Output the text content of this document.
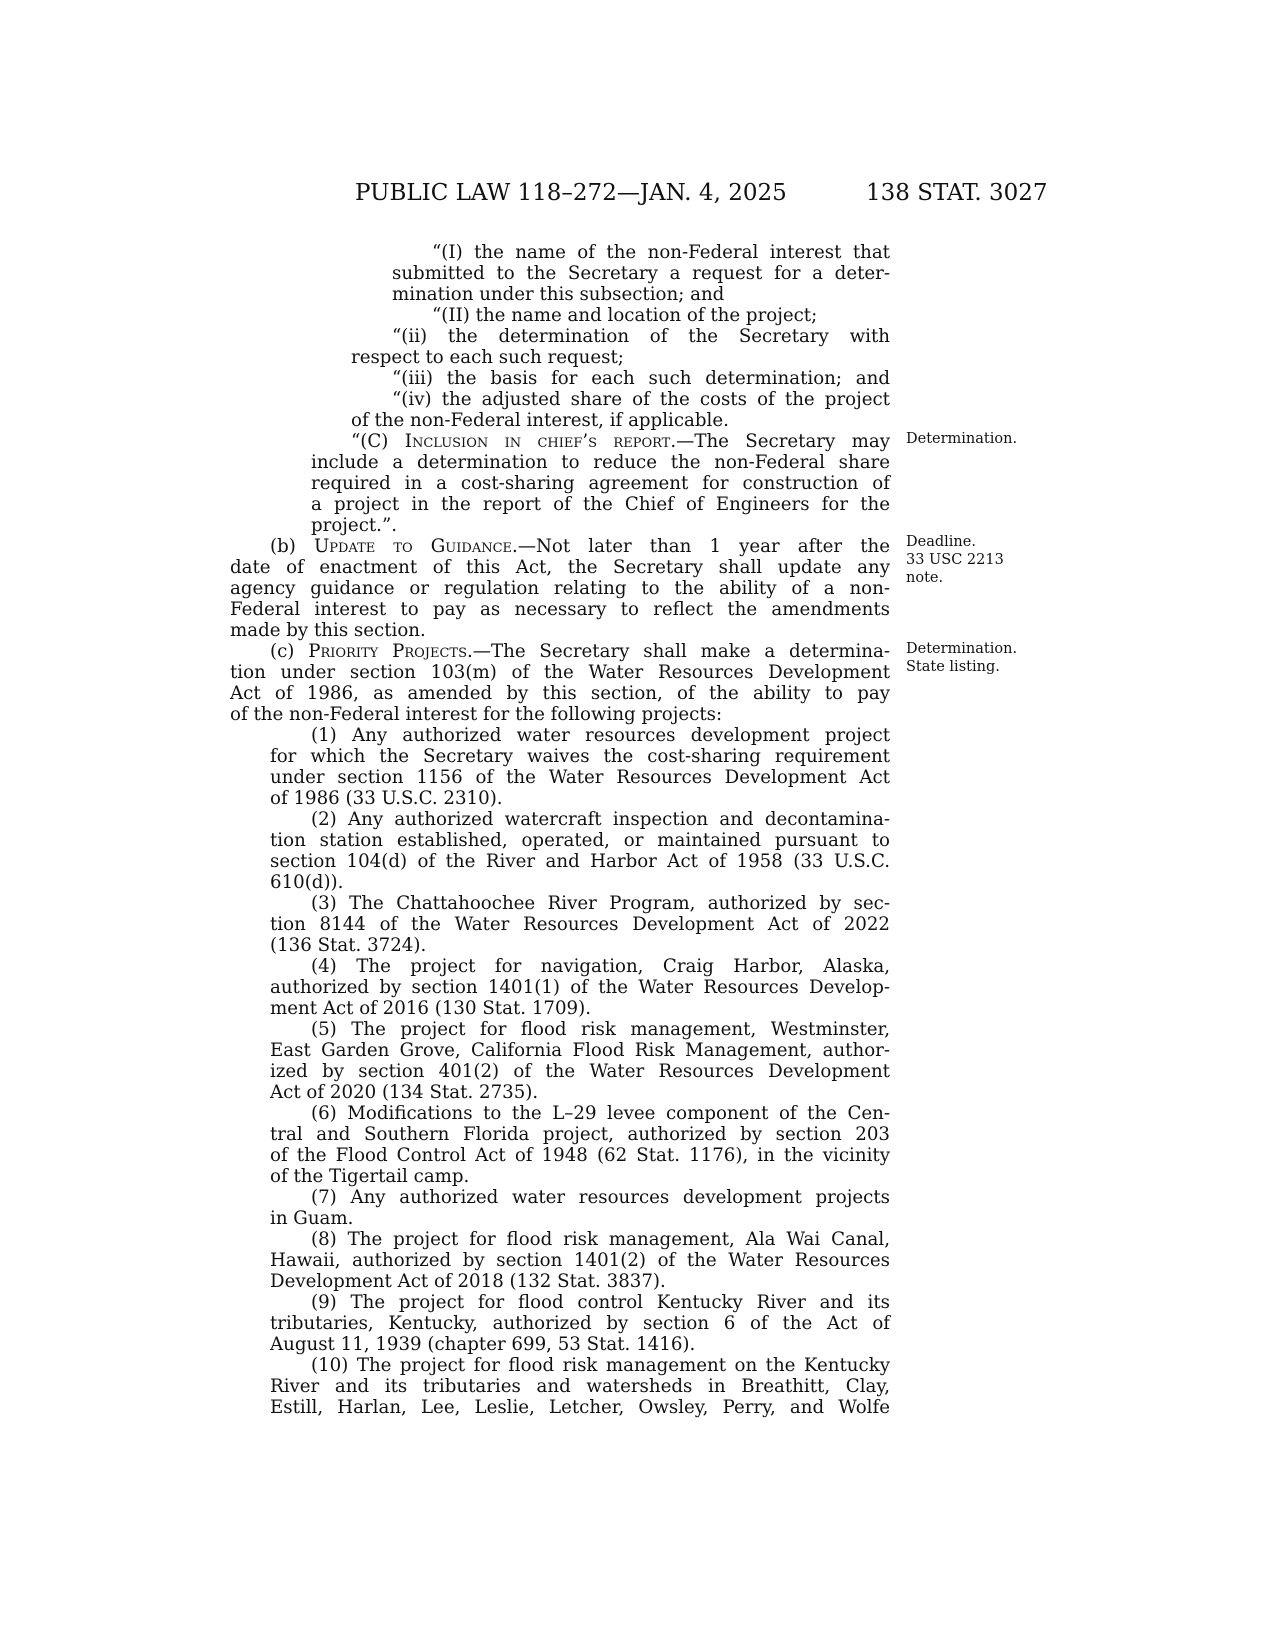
PUBLIC LAW 118–272—JAN. 4, 2025	138 STAT. 3027
“(I) the name of the non-Federal interest that
submitted to the Secretary a request for a deter-
mination under this subsection; and
“(II) the name and location of the project;
“(ii) the determination of the Secretary with
respect to each such request;
“(iii) the basis for each such determination; and
“(iv) the adjusted share of the costs of the project
of the non-Federal interest, if applicable.
“(C) Inclusion in chief’s report.—The Secretary may
include a determination to reduce the non-Federal share
required in a cost-sharing agreement for construction of
a project in the report of the Chief of Engineers for the
project.”.
(b) Update to Guidance.—Not later than 1 year after the
date of enactment of this Act, the Secretary shall update any
agency guidance or regulation relating to the ability of a non-
Federal interest to pay as necessary to reflect the amendments
made by this section.
(c) Priority Projects.—The Secretary shall make a determina-
tion under section 103(m) of the Water Resources Development
Act of 1986, as amended by this section, of the ability to pay
of the non-Federal interest for the following projects:
(1) Any authorized water resources development project
for which the Secretary waives the cost-sharing requirement
under section 1156 of the Water Resources Development Act
of 1986 (33 U.S.C. 2310).
(2) Any authorized watercraft inspection and decontamina-
tion station established, operated, or maintained pursuant to
section 104(d) of the River and Harbor Act of 1958 (33 U.S.C.
610(d)).
(3) The Chattahoochee River Program, authorized by sec-
tion 8144 of the Water Resources Development Act of 2022
(136 Stat. 3724).
(4) The project for navigation, Craig Harbor, Alaska,
authorized by section 1401(1) of the Water Resources Develop-
ment Act of 2016 (130 Stat. 1709).
(5) The project for flood risk management, Westminster,
East Garden Grove, California Flood Risk Management, author-
ized by section 401(2) of the Water Resources Development
Act of 2020 (134 Stat. 2735).
(6) Modifications to the L–29 levee component of the Cen-
tral and Southern Florida project, authorized by section 203
of the Flood Control Act of 1948 (62 Stat. 1176), in the vicinity
of the Tigertail camp.
(7) Any authorized water resources development projects
in Guam.
(8) The project for flood risk management, Ala Wai Canal,
Hawaii, authorized by section 1401(2) of the Water Resources
Development Act of 2018 (132 Stat. 3837).
(9) The project for flood control Kentucky River and its
tributaries, Kentucky, authorized by section 6 of the Act of
August 11, 1939 (chapter 699, 53 Stat. 1416).
(10) The project for flood risk management on the Kentucky
River and its tributaries and watersheds in Breathitt, Clay,
Estill, Harlan, Lee, Leslie, Letcher, Owsley, Perry, and Wolfe
Determination.
Deadline.
33 USC 2213
note.
Determination.
State listing.
